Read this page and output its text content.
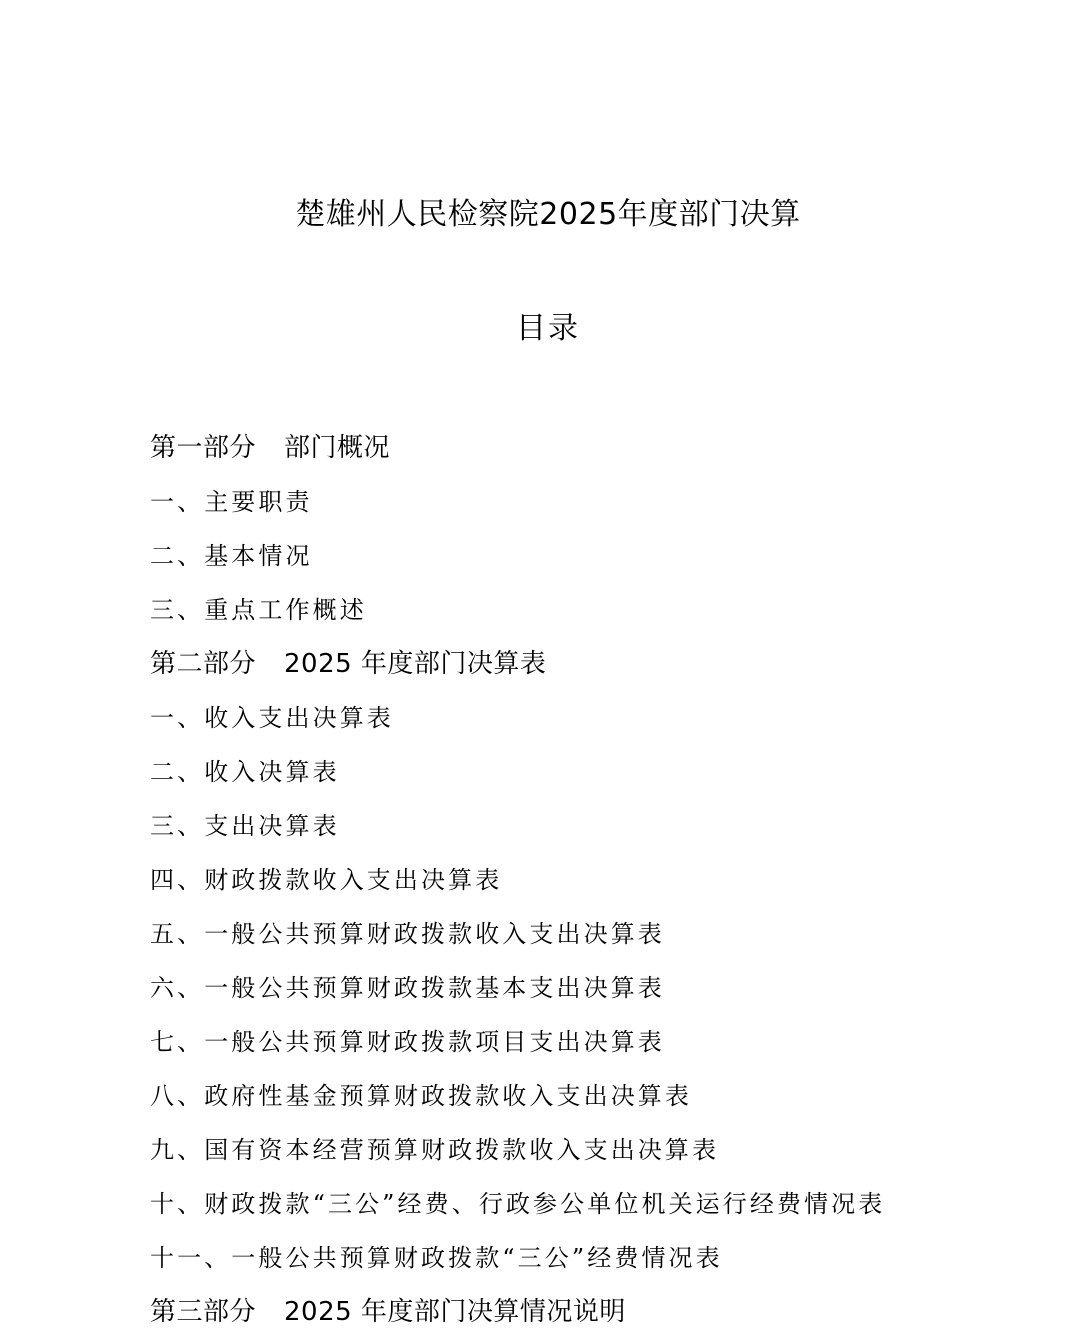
楚雄州人民检察院2025年度部门决算
目录
第一部分 部门概况
一、主要职责
二、基本情况
三、重点工作概述
第二部分 2025 年度部门决算表
一、收入支出决算表
二、收入决算表
三、支出决算表
四、财政拨款收入支出决算表
五、一般公共预算财政拨款收入支出决算表
六、一般公共预算财政拨款基本支出决算表
七、一般公共预算财政拨款项目支出决算表
八、政府性基金预算财政拨款收入支出决算表
九、国有资本经营预算财政拨款收入支出决算表
十、财政拨款“三公”经费、行政参公单位机关运行经费情况表
十一、一般公共预算财政拨款“三公”经费情况表
第三部分 2025 年度部门决算情况说明
